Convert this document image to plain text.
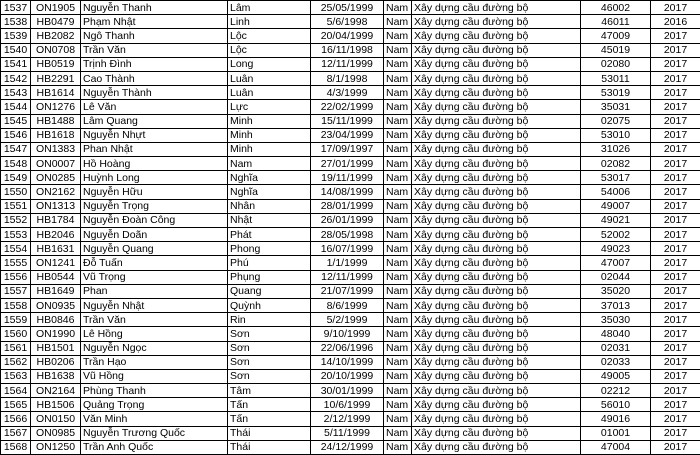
1537	ON1905	Nguyễn Thanh	Lâm	25/05/1999	Nam	Xây dựng cầu đường bộ	46002	2017
1538	HB0479	Phạm Nhật	Linh	5/6/1998	Nam	Xây dựng cầu đường bộ	46011	2016
1539	HB2082	Ngô Thanh	Lộc	20/04/1999	Nam	Xây dựng cầu đường bộ	47009	2017
1540	ON0708	Trần Văn	Lộc	16/11/1998	Nam	Xây dựng cầu đường bộ	45019	2017
1541	HB0519	Trịnh Đình	Long	12/11/1999	Nam	Xây dựng cầu đường bộ	02080	2017
1542	HB2291	Cao Thành	Luân	8/1/1998	Nam	Xây dựng cầu đường bộ	53011	2017
1543	HB1614	Nguyễn Thành	Luân	4/3/1999	Nam	Xây dựng cầu đường bộ	53019	2017
1544	ON1276	Lê Văn	Lực	22/02/1999	Nam	Xây dựng cầu đường bộ	35031	2017
1545	HB1488	Lâm Quang	Minh	15/11/1999	Nam	Xây dựng cầu đường bộ	02075	2017
1546	HB1618	Nguyễn Nhựt	Minh	23/04/1999	Nam	Xây dựng cầu đường bộ	53010	2017
1547	ON1383	Phan Nhật	Minh	17/09/1997	Nam	Xây dựng cầu đường bộ	31026	2017
1548	ON0007	Hồ Hoàng	Nam	27/01/1999	Nam	Xây dựng cầu đường bộ	02082	2017
1549	ON0285	Huỳnh Long	Nghĩa	19/11/1999	Nam	Xây dựng cầu đường bộ	53017	2017
1550	ON2162	Nguyễn Hữu	Nghĩa	14/08/1999	Nam	Xây dựng cầu đường bộ	54006	2017
1551	ON1313	Nguyễn Trọng	Nhân	28/01/1999	Nam	Xây dựng cầu đường bộ	49007	2017
1552	HB1784	Nguyễn Đoàn Công	Nhật	26/01/1999	Nam	Xây dựng cầu đường bộ	49021	2017
1553	HB2046	Nguyễn Doãn	Phát	28/05/1998	Nam	Xây dựng cầu đường bộ	52002	2017
1554	HB1631	Nguyễn Quang	Phong	16/07/1999	Nam	Xây dựng cầu đường bộ	49023	2017
1555	ON1241	Đỗ Tuấn	Phú	1/1/1999	Nam	Xây dựng cầu đường bộ	47007	2017
1556	HB0544	Vũ Trọng	Phụng	12/11/1999	Nam	Xây dựng cầu đường bộ	02044	2017
1557	HB1649	Phan	Quang	21/07/1999	Nam	Xây dựng cầu đường bộ	35020	2017
1558	ON0935	Nguyễn Nhật	Quỳnh	8/6/1999	Nam	Xây dựng cầu đường bộ	37013	2017
1559	HB0846	Trần Văn	Rin	5/2/1999	Nam	Xây dựng cầu đường bộ	35030	2017
1560	ON1990	Lê Hồng	Sơn	9/10/1999	Nam	Xây dựng cầu đường bộ	48040	2017
1561	HB1501	Nguyễn Ngọc	Sơn	22/06/1996	Nam	Xây dựng cầu đường bộ	02031	2017
1562	HB0206	Trần Hạo	Sơn	14/10/1999	Nam	Xây dựng cầu đường bộ	02033	2017
1563	HB1638	Vũ Hồng	Sơn	20/10/1999	Nam	Xây dựng cầu đường bộ	49005	2017
1564	ON2164	Phùng Thanh	Tâm	30/01/1999	Nam	Xây dựng cầu đường bộ	02212	2017
1565	HB1506	Quảng Trọng	Tấn	10/6/1999	Nam	Xây dựng cầu đường bộ	56010	2017
1566	ON0150	Văn Minh	Tấn	2/12/1999	Nam	Xây dựng cầu đường bộ	49016	2017
1567	ON0985	Nguyễn Trương Quốc	Thái	5/11/1999	Nam	Xây dựng cầu đường bộ	01001	2017
1568	ON1250	Trần Anh Quốc	Thái	24/12/1999	Nam	Xây dựng cầu đường bộ	47004	2017
